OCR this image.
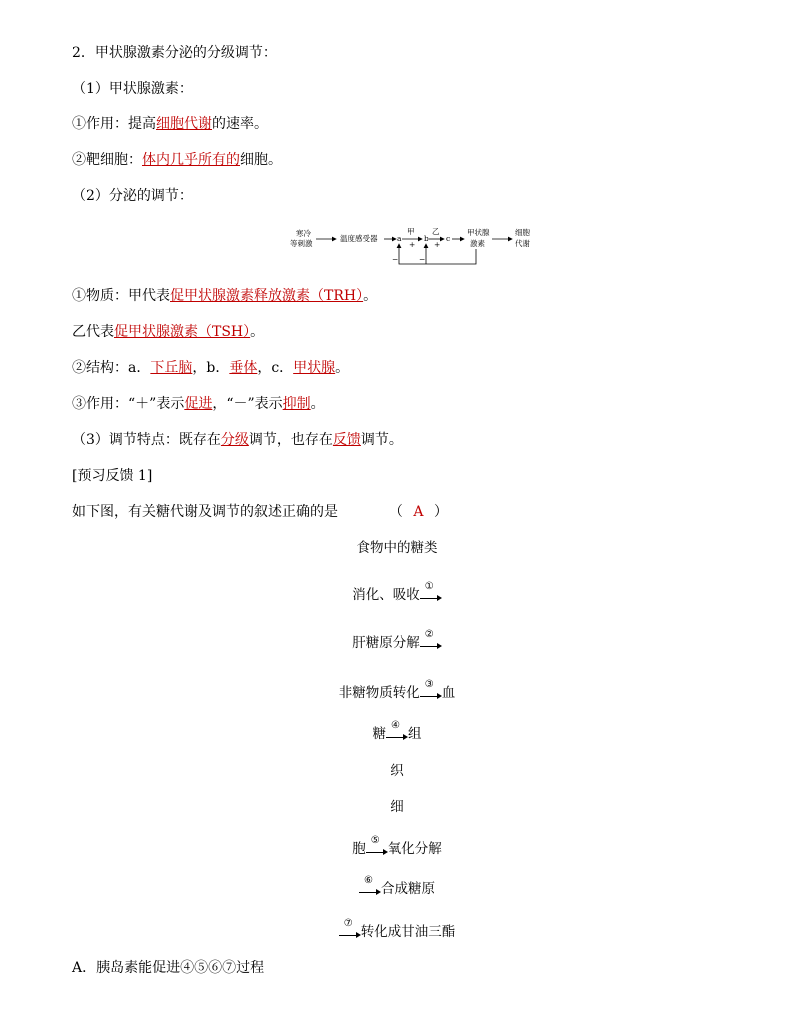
2．甲状腺激素分泌的分级调节：
（1）甲状腺激素：
①作用：提高细胞代谢的速率。
②靶细胞：体内几乎所有的细胞。
（2）分泌的调节：
寒冷
等刺激
温度感受器	a
甲
+
b
乙
+
c
甲状腺
激素
细胞
代谢
−	−
①物质：甲代表促甲状腺激素释放激素（TRH）。
乙代表促甲状腺激素（TSH）。
②结构：a．下丘脑，b．垂体，c．甲状腺。
③作用：“＋”表示促进，“－”表示抑制。
（3）调节特点：既存在分级调节，也存在反馈调节。
[预习反馈 1]
如下图，有关糖代谢及调节的叙述正确的是	（ A ）
食物中的糖类
消化、吸收
①
肝糖原分解
②
非糖物质转化
③
血
糖
④
组
织
细
胞
⑤
氧化分解
⑥
合成糖原
⑦
转化成甘油三酯
A．胰岛素能促进④⑤⑥⑦过程
